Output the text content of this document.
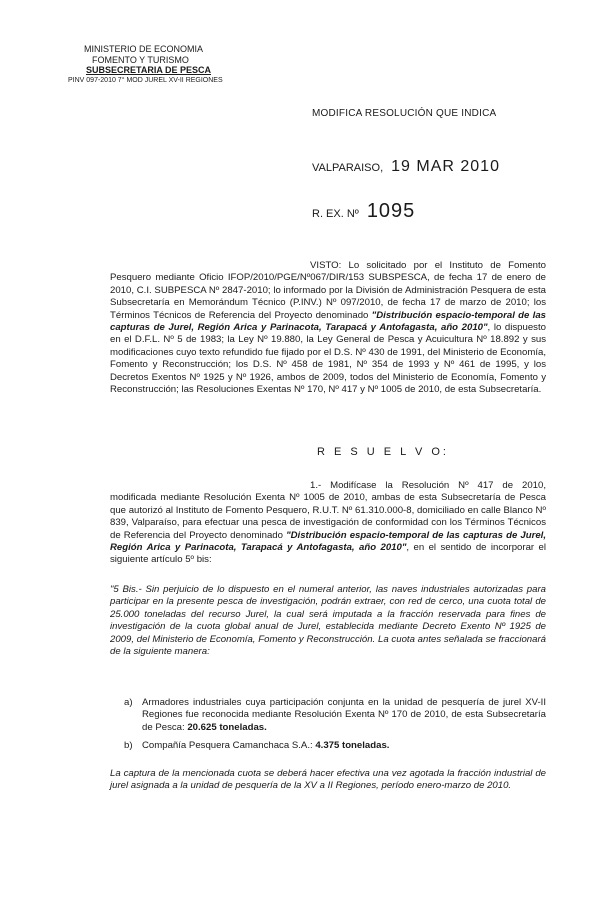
MINISTERIO DE ECONOMIA
FOMENTO Y TURISMO
SUBSECRETARIA DE PESCA
PINV 097-2010 7° MOD JUREL XV-II REGIONES
MODIFICA RESOLUCIÓN QUE INDICA
VALPARAISO, 19 MAR 2010
R. EX. Nº 1095
VISTO: Lo solicitado por el Instituto de Fomento Pesquero mediante Oficio IFOP/2010/PGE/Nº067/DIR/153 SUBSPESCA, de fecha 17 de enero de 2010, C.I. SUBPESCA Nº 2847-2010; lo informado por la División de Administración Pesquera de esta Subsecretaría en Memorándum Técnico (P.INV.) Nº 097/2010, de fecha 17 de marzo de 2010; los Términos Técnicos de Referencia del Proyecto denominado "Distribución espacio-temporal de las capturas de Jurel, Región Arica y Parinacota, Tarapacá y Antofagasta, año 2010", lo dispuesto en el D.F.L. Nº 5 de 1983; la Ley Nº 19.880, la Ley General de Pesca y Acuicultura Nº 18.892 y sus modificaciones cuyo texto refundido fue fijado por el D.S. Nº 430 de 1991, del Ministerio de Economía, Fomento y Reconstrucción; los D.S. Nº 458 de 1981, Nº 354 de 1993 y Nº 461 de 1995, y los Decretos Exentos Nº 1925 y Nº 1926, ambos de 2009, todos del Ministerio de Economía, Fomento y Reconstrucción; las Resoluciones Exentas Nº 170, Nº 417 y Nº 1005 de 2010, de esta Subsecretaría.
R E S U E L V O:
1.- Modifícase la Resolución Nº 417 de 2010, modificada mediante Resolución Exenta Nº 1005 de 2010, ambas de esta Subsecretaría de Pesca que autorizó al Instituto de Fomento Pesquero, R.U.T. Nº 61.310.000-8, domiciliado en calle Blanco Nº 839, Valparaíso, para efectuar una pesca de investigación de conformidad con los Términos Técnicos de Referencia del Proyecto denominado "Distribución espacio-temporal de las capturas de Jurel, Región Arica y Parinacota, Tarapacá y Antofagasta, año 2010", en el sentido de incorporar el siguiente artículo 5º bis:
"5 Bis.- Sin perjuicio de lo dispuesto en el numeral anterior, las naves industriales autorizadas para participar en la presente pesca de investigación, podrán extraer, con red de cerco, una cuota total de 25.000 toneladas del recurso Jurel, la cual será imputada a la fracción reservada para fines de investigación de la cuota global anual de Jurel, establecida mediante Decreto Exento Nº 1925 de 2009, del Ministerio de Economía, Fomento y Reconstrucción. La cuota antes señalada se fraccionará de la siguiente manera:
a) Armadores industriales cuya participación conjunta en la unidad de pesquería de jurel XV-II Regiones fue reconocida mediante Resolución Exenta Nº 170 de 2010, de esta Subsecretaría de Pesca: 20.625 toneladas.
b) Compañía Pesquera Camanchaca S.A.: 4.375 toneladas.
La captura de la mencionada cuota se deberá hacer efectiva una vez agotada la fracción industrial de jurel asignada a la unidad de pesquería de la XV a II Regiones, período enero-marzo de 2010.
